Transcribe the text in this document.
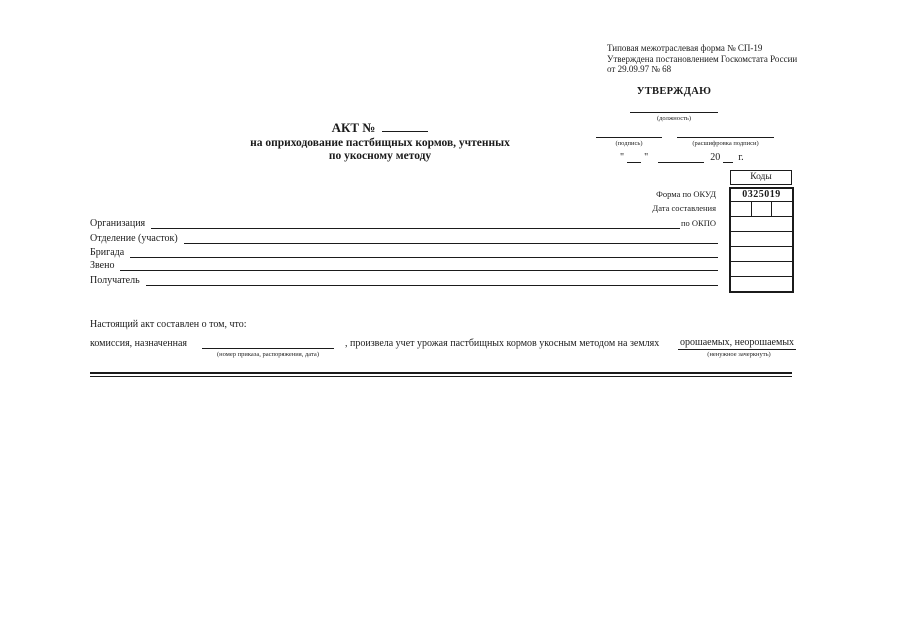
Типовая межотраслевая форма № СП-19
Утверждена постановлением Госкомстата России
от 29.09.97 № 68
УТВЕРЖДАЮ
(должность)
(подпись)	(расшифровка подписи)
" "	20 г.
АКТ №
на оприходование пастбищных кормов, учтенных
по укосному методу
Коды
0325019
Форма по ОКУД
Дата составления
по ОКПО
Организация
Отделение (участок)
Бригада
Звено
Получатель
Настоящий акт составлен о том, что:
комиссия, назначенная
(номер приказа, распоряжения, дата)
, произвела учет урожая пастбищных кормов укосным методом на землях орошаемых, неорошаемых
(ненужное зачеркнуть)
